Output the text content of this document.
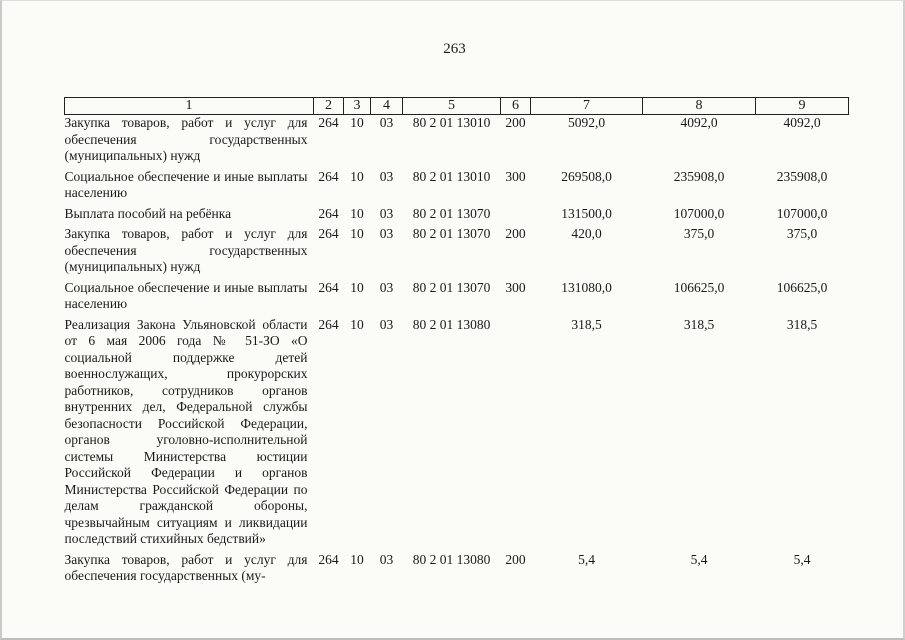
263
1	2	3	4	5	6	7	8	9
Закупка товаров, работ и услуг для обеспечения государственных (муниципальных) нужд	264	10	03	80 2 01 13010	200	5092,0	4092,0	4092,0

Социальное обеспечение и иные выплаты населению	264	10	03	80 2 01 13010	300	269508,0	235908,0	235908,0

Выплата пособий на ребёнка	264	10	03	80 2 01 13070		131500,0	107000,0	107000,0

Закупка товаров, работ и услуг для обеспечения государственных (муниципальных) нужд	264	10	03	80 2 01 13070	200	420,0	375,0	375,0

Социальное обеспечение и иные выплаты населению	264	10	03	80 2 01 13070	300	131080,0	106625,0	106625,0

Реализация Закона Ульяновской области от 6 мая 2006 года № 51-ЗО «О социальной поддержке детей военнослужащих, прокурорских работников, сотрудников органов внутренних дел, Федеральной службы безопасности Российской Федерации, органов уголовно-исполнительной системы Министерства юстиции Российской Федерации и органов Министерства Российской Федерации по делам гражданской обороны, чрезвычайным ситуациям и ликвидации последствий стихийных бедствий»	264	10	03	80 2 01 13080		318,5	318,5	318,5

Закупка товаров, работ и услуг для обеспечения государственных (му-	264	10	03	80 2 01 13080	200	5,4	5,4	5,4
